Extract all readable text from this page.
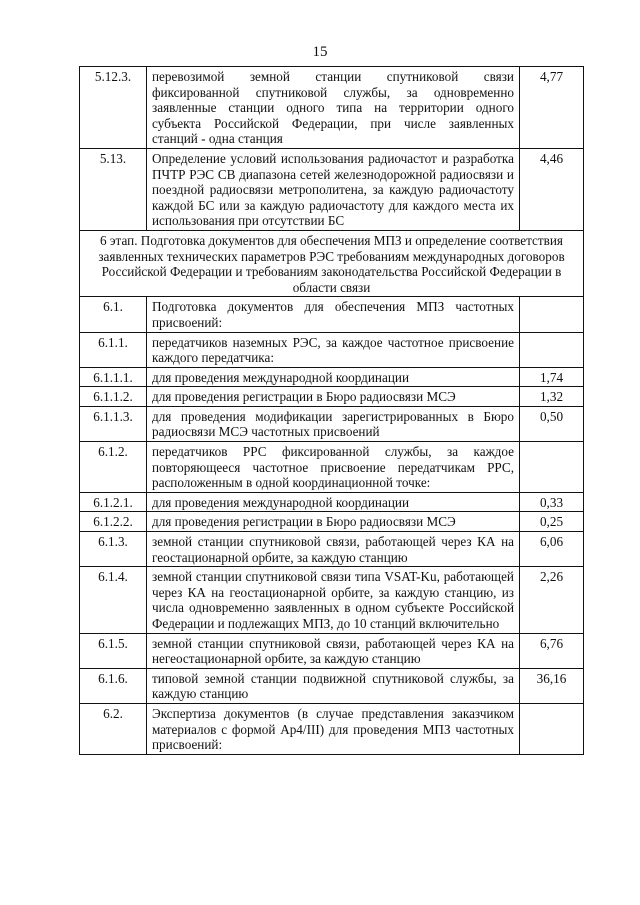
15
5.12.3.	перевозимой земной станции спутниковой связи фиксированной спутниковой службы, за одновременно заявленные станции одного типа на территории одного субъекта Российской Федерации, при числе заявленных станций - одна станция	4,77
5.13.	Определение условий использования радиочастот и разработка ПЧТР РЭС СВ диапазона сетей железнодорожной радиосвязи и поездной радиосвязи метрополитена, за каждую радиочастоту каждой БС или за каждую радиочастоту для каждого места их использования при отсутствии БС	4,46
6 этап. Подготовка документов для обеспечения МПЗ и определение соответствия заявленных технических параметров РЭС требованиям международных договоров Российской Федерации и требованиям законодательства Российской Федерации в области связи		
6.1.	Подготовка документов для обеспечения МПЗ частотных присвоений:	
6.1.1.	передатчиков наземных РЭС, за каждое частотное присвоение каждого передатчика:	
6.1.1.1.	для проведения международной координации	1,74
6.1.1.2.	для проведения регистрации в Бюро радиосвязи МСЭ	1,32
6.1.1.3.	для проведения модификации зарегистрированных в Бюро радиосвязи МСЭ частотных присвоений	0,50
6.1.2.	передатчиков РРС фиксированной службы, за каждое повторяющееся частотное присвоение передатчикам РРС, расположенным в одной координационной точке:	
6.1.2.1.	для проведения международной координации	0,33
6.1.2.2.	для проведения регистрации в Бюро радиосвязи МСЭ	0,25
6.1.3.	земной станции спутниковой связи, работающей через КА на геостационарной орбите, за каждую станцию	6,06
6.1.4.	земной станции спутниковой связи типа VSAT-Ku, работающей через КА на геостационарной орбите, за каждую станцию, из числа одновременно заявленных в одном субъекте Российской Федерации и подлежащих МПЗ, до 10 станций включительно	2,26
6.1.5.	земной станции спутниковой связи, работающей через КА на негеостационарной орбите, за каждую станцию	6,76
6.1.6.	типовой земной станции подвижной спутниковой службы, за каждую станцию	36,16
6.2.	Экспертиза документов (в случае представления заказчиком материалов с формой Ap4/III) для проведения МПЗ частотных присвоений:	
